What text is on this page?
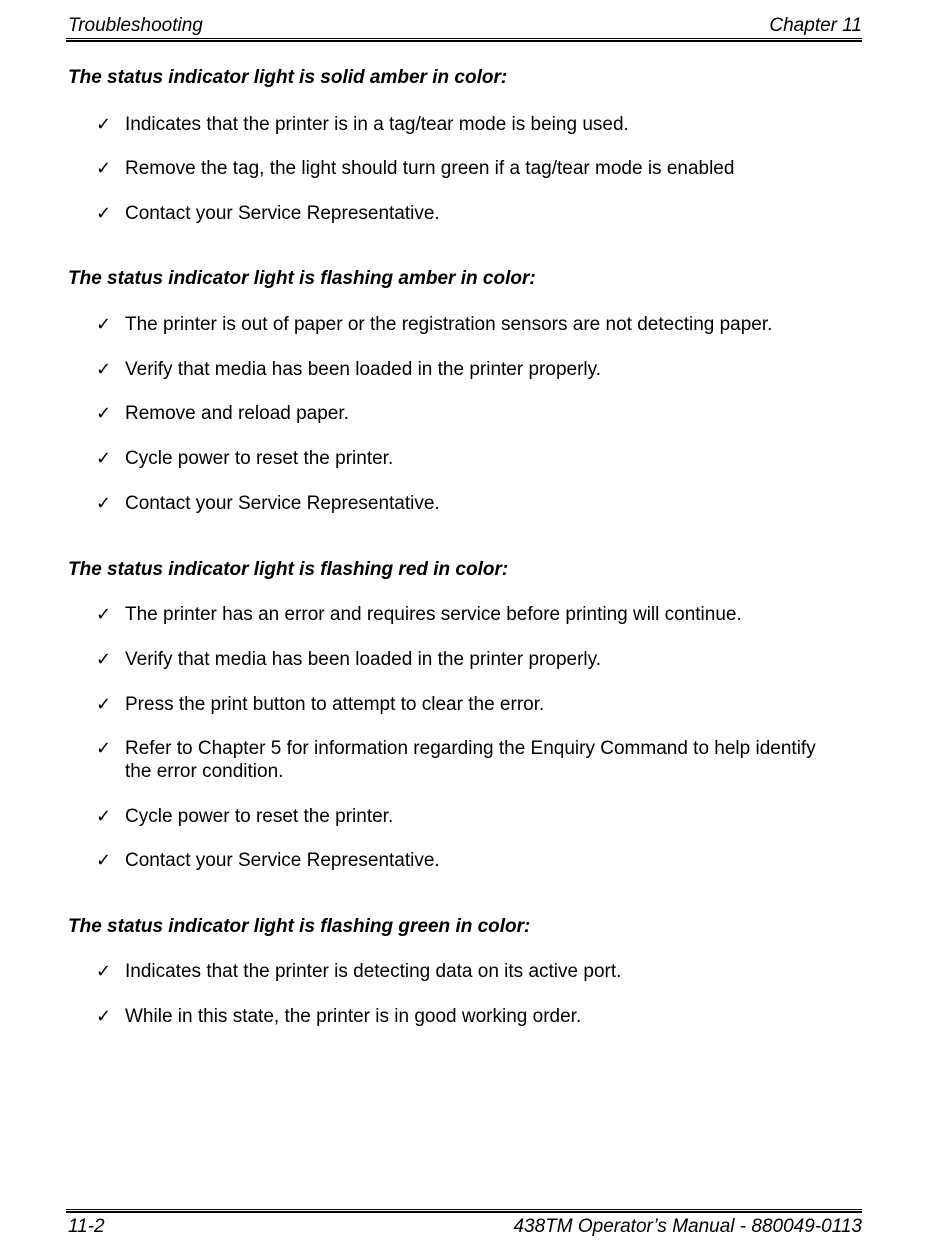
Troubleshooting	Chapter 11
The status indicator light is solid amber in color:
✓ Indicates that the printer is in a tag/tear mode is being used.
✓ Remove the tag, the light should turn green if a tag/tear mode is enabled
✓ Contact your Service Representative.
The status indicator light is flashing amber in color:
✓ The printer is out of paper or the registration sensors are not detecting paper.
✓ Verify that media has been loaded in the printer properly.
✓ Remove and reload paper.
✓ Cycle power to reset the printer.
✓ Contact your Service Representative.
The status indicator light is flashing red in color:
✓ The printer has an error and requires service before printing will continue.
✓ Verify that media has been loaded in the printer properly.
✓ Press the print button to attempt to clear the error.
✓ Refer to Chapter 5 for information regarding the Enquiry Command to help identify the error condition.
✓ Cycle power to reset the printer.
✓ Contact your Service Representative.
The status indicator light is flashing green in color:
✓ Indicates that the printer is detecting data on its active port.
✓ While in this state, the printer is in good working order.
11-2	438TM Operator’s Manual - 880049-0113
